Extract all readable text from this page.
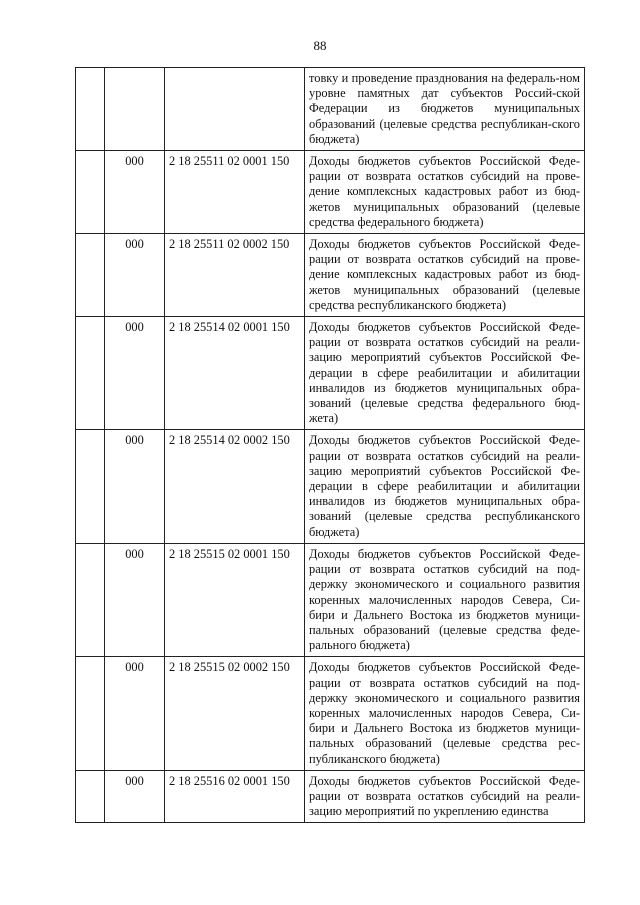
88
			товку и проведение празднования на федераль-ном уровне памятных дат субъектов Россий-ской Федерации из бюджетов муниципальных образований (целевые средства республикан-ского бюджета)
	000	2 18 25511 02 0001 150	Доходы бюджетов субъектов Российской Феде-рации от возврата остатков субсидий на прове-дение комплексных кадастровых работ из бюд-жетов муниципальных образований (целевые средства федерального бюджета)
	000	2 18 25511 02 0002 150	Доходы бюджетов субъектов Российской Феде-рации от возврата остатков субсидий на прове-дение комплексных кадастровых работ из бюд-жетов муниципальных образований (целевые средства республиканского бюджета)
	000	2 18 25514 02 0001 150	Доходы бюджетов субъектов Российской Феде-рации от возврата остатков субсидий на реали-зацию мероприятий субъектов Российской Фе-дерации в сфере реабилитации и абилитации инвалидов из бюджетов муниципальных обра-зований (целевые средства федерального бюд-жета)
	000	2 18 25514 02 0002 150	Доходы бюджетов субъектов Российской Феде-рации от возврата остатков субсидий на реали-зацию мероприятий субъектов Российской Фе-дерации в сфере реабилитации и абилитации инвалидов из бюджетов муниципальных обра-зований (целевые средства республиканского бюджета)
	000	2 18 25515 02 0001 150	Доходы бюджетов субъектов Российской Феде-рации от возврата остатков субсидий на под-держку экономического и социального развития коренных малочисленных народов Севера, Си-бири и Дальнего Востока из бюджетов муници-пальных образований (целевые средства феде-рального бюджета)
	000	2 18 25515 02 0002 150	Доходы бюджетов субъектов Российской Феде-рации от возврата остатков субсидий на под-держку экономического и социального развития коренных малочисленных народов Севера, Си-бири и Дальнего Востока из бюджетов муници-пальных образований (целевые средства рес-публиканского бюджета)
	000	2 18 25516 02 0001 150	Доходы бюджетов субъектов Российской Феде-рации от возврата остатков субсидий на реали-зацию мероприятий по укреплению единства
